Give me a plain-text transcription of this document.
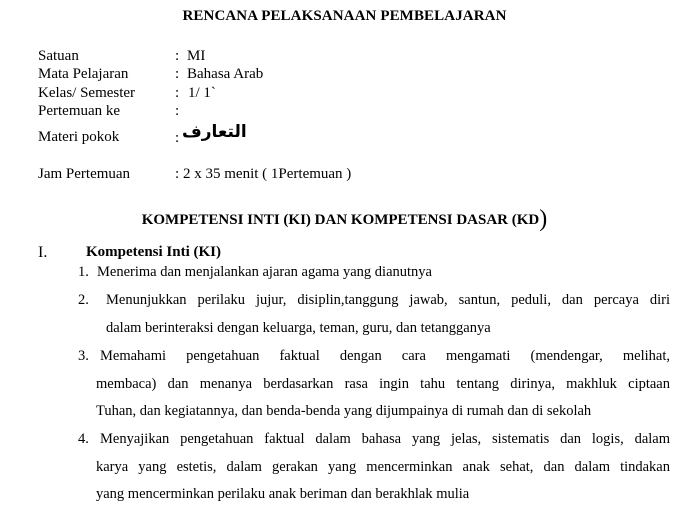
RENCANA PELAKSANAAN PEMBELAJARAN
Satuan	: MI
Mata Pelajaran	: Bahasa Arab
Kelas/ Semester	: 1/ 1`
Pertemuan ke	:
Materi pokok	: التعارف
Jam Pertemuan	: 2 x 35 menit ( 1Pertemuan )
KOMPETENSI INTI (KI) DAN KOMPETENSI DASAR (KD)
I.	Kompetensi Inti (KI)
1. Menerima dan menjalankan ajaran agama yang dianutnya
2. Menunjukkan perilaku jujur, disiplin,tanggung jawab, santun, peduli, dan percaya diri
dalam berinteraksi dengan keluarga, teman, guru, dan tetangganya
3. Memahami pengetahuan faktual dengan cara mengamati (mendengar, melihat,
membaca) dan menanya berdasarkan rasa ingin tahu tentang dirinya, makhluk ciptaan
Tuhan, dan kegiatannya, dan benda-benda yang dijumpainya di rumah dan di sekolah
4. Menyajikan pengetahuan faktual dalam bahasa yang jelas, sistematis dan logis, dalam
karya yang estetis, dalam gerakan yang mencerminkan anak sehat, dan dalam tindakan
yang mencerminkan perilaku anak beriman dan berakhlak mulia
